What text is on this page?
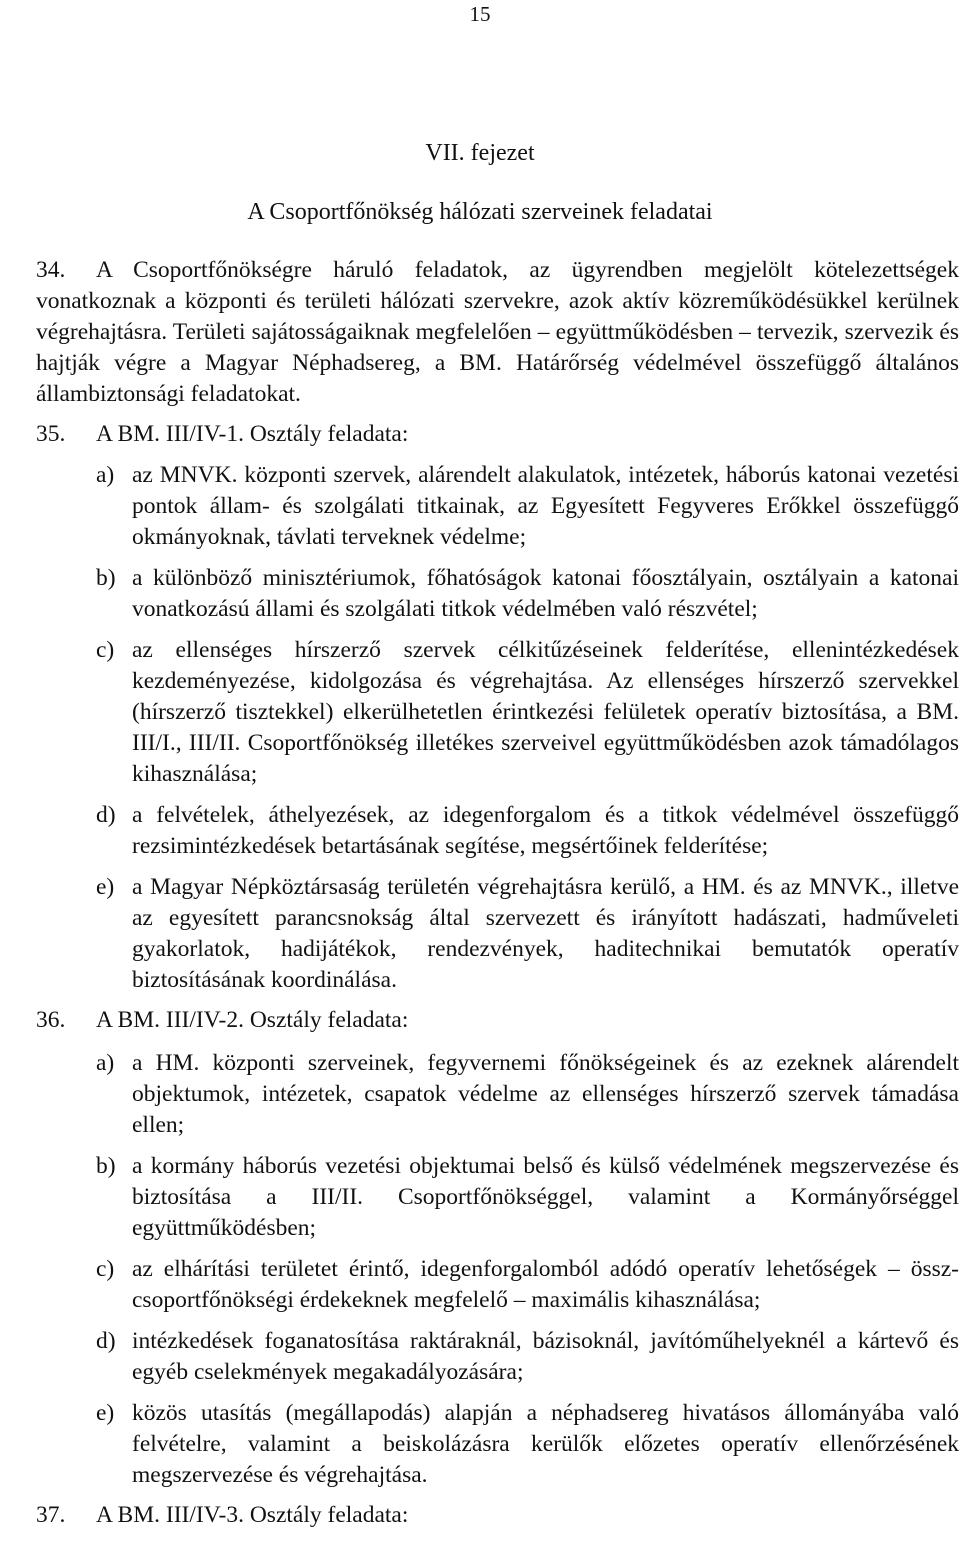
15
VII. fejezet
A Csoportfőnökség hálózati szerveinek feladatai

34. A Csoportfőnökségre háruló feladatok, az ügyrendben megjelölt kötelezettségek vonatkoznak a központi és területi hálózati szervekre, azok aktív közreműködésükkel kerülnek végrehajtásra. Területi sajátosságaiknak megfelelően – együttműködésben – tervezik, szervezik és hajtják végre a Magyar Néphadsereg, a BM. Határőrség védelmével összefüggő általános állambiztonsági feladatokat.

35. A BM. III/IV-1. Osztály feladata:

a) az MNVK. központi szervek, alárendelt alakulatok, intézetek, háborús katonai vezetési pontok állam- és szolgálati titkainak, az Egyesített Fegyveres Erőkkel összefüggő okmányoknak, távlati terveknek védelme;

b) a különböző minisztériumok, főhatóságok katonai főosztályain, osztályain a katonai vonatkozású állami és szolgálati titkok védelmében való részvétel;

c) az ellenséges hírszerző szervek célkitűzéseinek felderítése, ellenintézkedések kezdeményezése, kidolgozása és végrehajtása. Az ellenséges hírszerző szervekkel (hírszerző tisztekkel) elkerülhetetlen érintkezési felületek operatív biztosítása, a BM. III/I., III/II. Csoportfőnökség illetékes szerveivel együttműködésben azok támadólagos kihasználása;

d) a felvételek, áthelyezések, az idegenforgalom és a titkok védelmével összefüggő rezsimintézkedések betartásának segítése, megsértőinek felderítése;

e) a Magyar Népköztársaság területén végrehajtásra kerülő, a HM. és az MNVK., illetve az egyesített parancsnokság által szervezett és irányított hadászati, hadműveleti gyakorlatok, hadijátékok, rendezvények, haditechnikai bemutatók operatív biztosításának koordinálása.

36. A BM. III/IV-2. Osztály feladata:

a) a HM. központi szerveinek, fegyvernemi főnökségeinek és az ezeknek alárendelt objektumok, intézetek, csapatok védelme az ellenséges hírszerző szervek támadása ellen;

b) a kormány háborús vezetési objektumai belső és külső védelmének megszervezése és biztosítása a III/II. Csoportfőnökséggel, valamint a Kormányőrséggel együttműködésben;

c) az elhárítási területet érintő, idegenforgalomból adódó operatív lehetőségek – össz-csoportfőnökségi érdekeknek megfelelő – maximális kihasználása;

d) intézkedések foganatosítása raktáraknál, bázisoknál, javítóműhelyeknél a kártevő és egyéb cselekmények megakadályozására;

e) közös utasítás (megállapodás) alapján a néphadsereg hivatásos állományába való felvételre, valamint a beiskolázásra kerülők előzetes operatív ellenőrzésének megszervezése és végrehajtása.

37. A BM. III/IV-3. Osztály feladata:
